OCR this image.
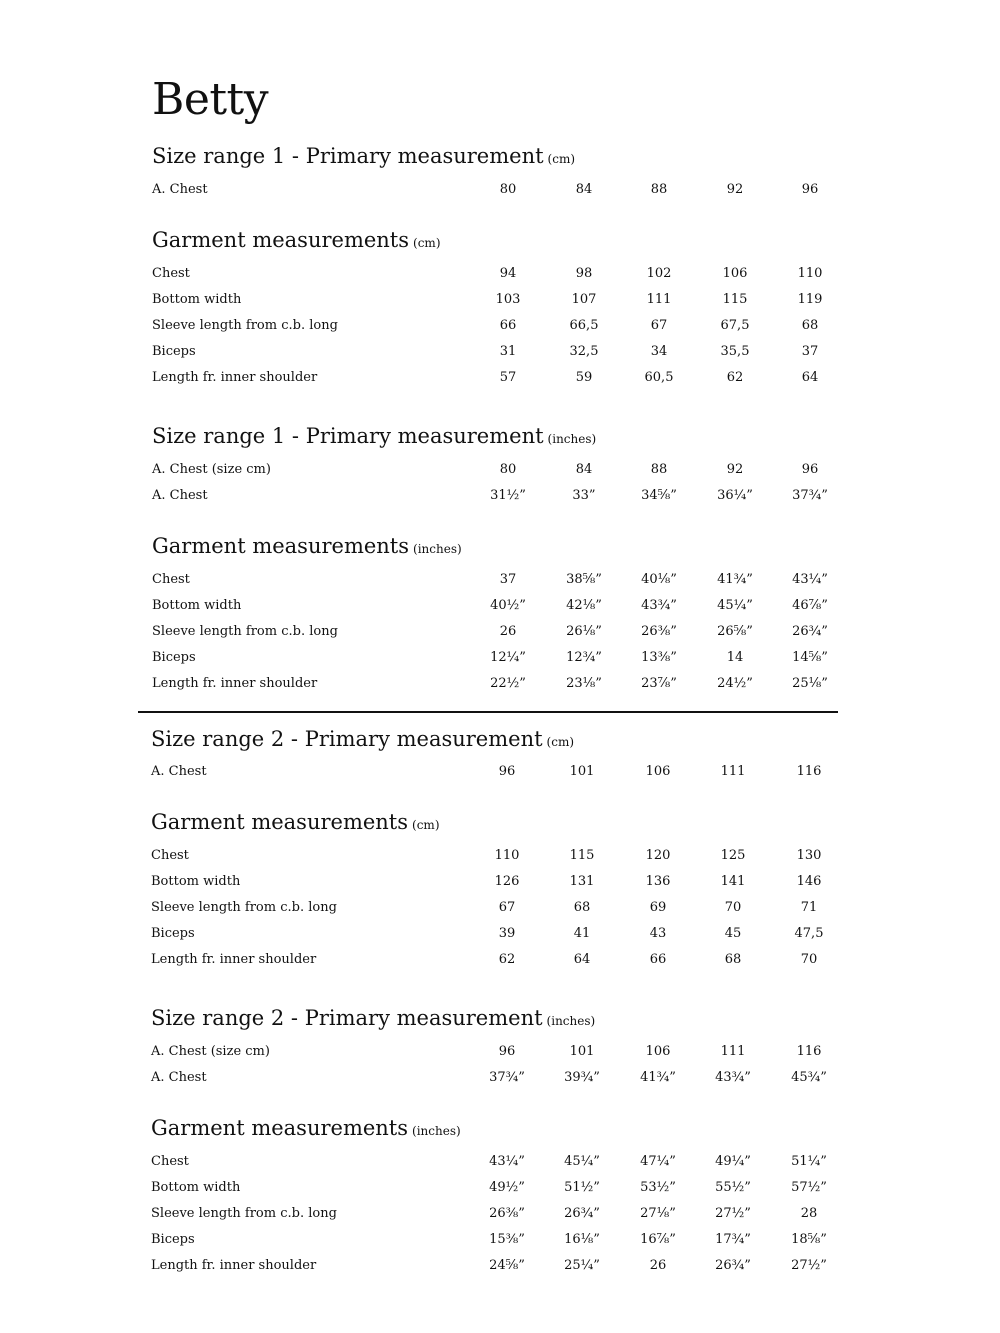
Betty
Size range 1 - Primary measurement (cm)
A. Chest	80	84	88	92	96
Garment measurements (cm)
Chest	94	98	102	106	110
Bottom width	103	107	111	115	119
Sleeve length from c.b. long	66	66,5	67	67,5	68
Biceps	31	32,5	34	35,5	37
Length fr. inner shoulder	57	59	60,5	62	64
Size range 1 - Primary measurement (inches)
A. Chest (size cm)	80	84	88	92	96
A. Chest	31½”	33”	34⅝”	36¼”	37¾”
Garment measurements (inches)
Chest	37	38⅝”	40⅛”	41¾”	43¼”
Bottom width	40½”	42⅛”	43¾”	45¼”	46⅞”
Sleeve length from c.b. long	26	26⅛”	26⅜”	26⅝”	26¾”
Biceps	12¼”	12¾”	13⅜”	14	14⅝”
Length fr. inner shoulder	22½”	23⅛”	23⅞”	24½”	25⅛”
Size range 2 - Primary measurement (cm)
A. Chest	96	101	106	111	116
Garment measurements (cm)
Chest	110	115	120	125	130
Bottom width	126	131	136	141	146
Sleeve length from c.b. long	67	68	69	70	71
Biceps	39	41	43	45	47,5
Length fr. inner shoulder	62	64	66	68	70
Size range 2 - Primary measurement (inches)
A. Chest (size cm)	96	101	106	111	116
A. Chest	37¾”	39¾”	41¾”	43¾”	45¾”
Garment measurements (inches)
Chest	43¼”	45¼”	47¼”	49¼”	51¼”
Bottom width	49½”	51½”	53½”	55½”	57½”
Sleeve length from c.b. long	26⅜”	26¾”	27⅛”	27½”	28
Biceps	15⅜”	16⅛”	16⅞”	17¾”	18⅝”
Length fr. inner shoulder	24⅝”	25¼”	26	26¾”	27½”
